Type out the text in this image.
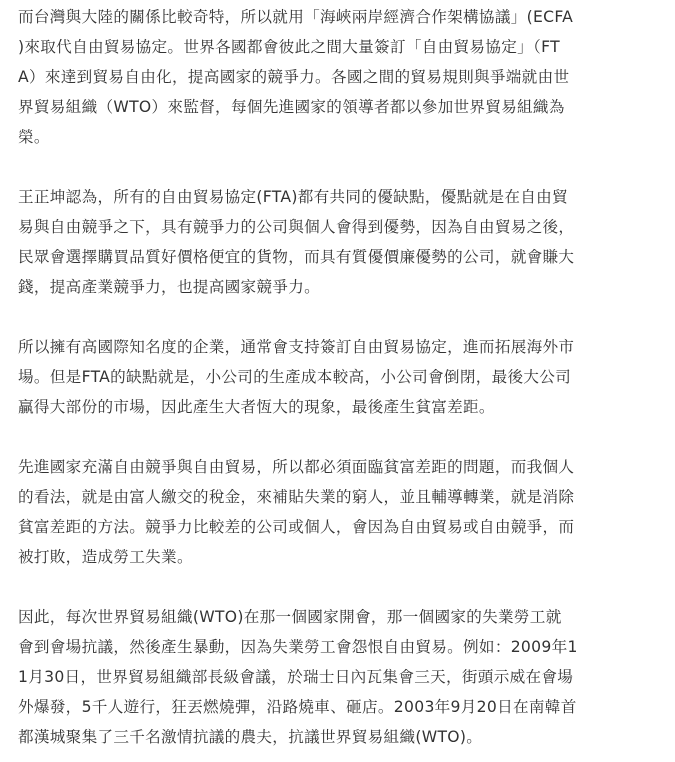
而台灣與大陸的關係比較奇特，所以就用「海峽兩岸經濟合作架構協議」(ECFA
)來取代自由貿易協定。世界各國都會彼此之間大量簽訂「自由貿易協定」（FT
A）來達到貿易自由化，提高國家的競爭力。各國之間的貿易規則與爭端就由世
界貿易組織（WTO）來監督，每個先進國家的領導者都以參加世界貿易組織為
榮。
王正坤認為，所有的自由貿易協定(FTA)都有共同的優缺點，優點就是在自由貿
易與自由競爭之下，具有競爭力的公司與個人會得到優勢，因為自由貿易之後，
民眾會選擇購買品質好價格便宜的貨物，而具有質優價廉優勢的公司，就會賺大
錢，提高產業競爭力，也提高國家競爭力。
所以擁有高國際知名度的企業，通常會支持簽訂自由貿易協定，進而拓展海外市
場。但是FTA的缺點就是，小公司的生產成本較高，小公司會倒閉，最後大公司
贏得大部份的市場，因此產生大者恆大的現象，最後產生貧富差距。
先進國家充滿自由競爭與自由貿易，所以都必須面臨貧富差距的問題，而我個人
的看法，就是由富人繳交的稅金，來補貼失業的窮人，並且輔導轉業，就是消除
貧富差距的方法。競爭力比較差的公司或個人，會因為自由貿易或自由競爭，而
被打敗，造成勞工失業。
因此，每次世界貿易組織(WTO)在那一個國家開會，那一個國家的失業勞工就
會到會場抗議，然後產生暴動，因為失業勞工會怨恨自由貿易。例如：2009年1
1月30日，世界貿易組織部長級會議，於瑞士日內瓦集會三天，街頭示威在會場
外爆發，5千人遊行，狂丟燃燒彈，沿路燒車、砸店。2003年9月20日在南韓首
都漢城聚集了三千名激情抗議的農夫，抗議世界貿易組織(WTO)。
